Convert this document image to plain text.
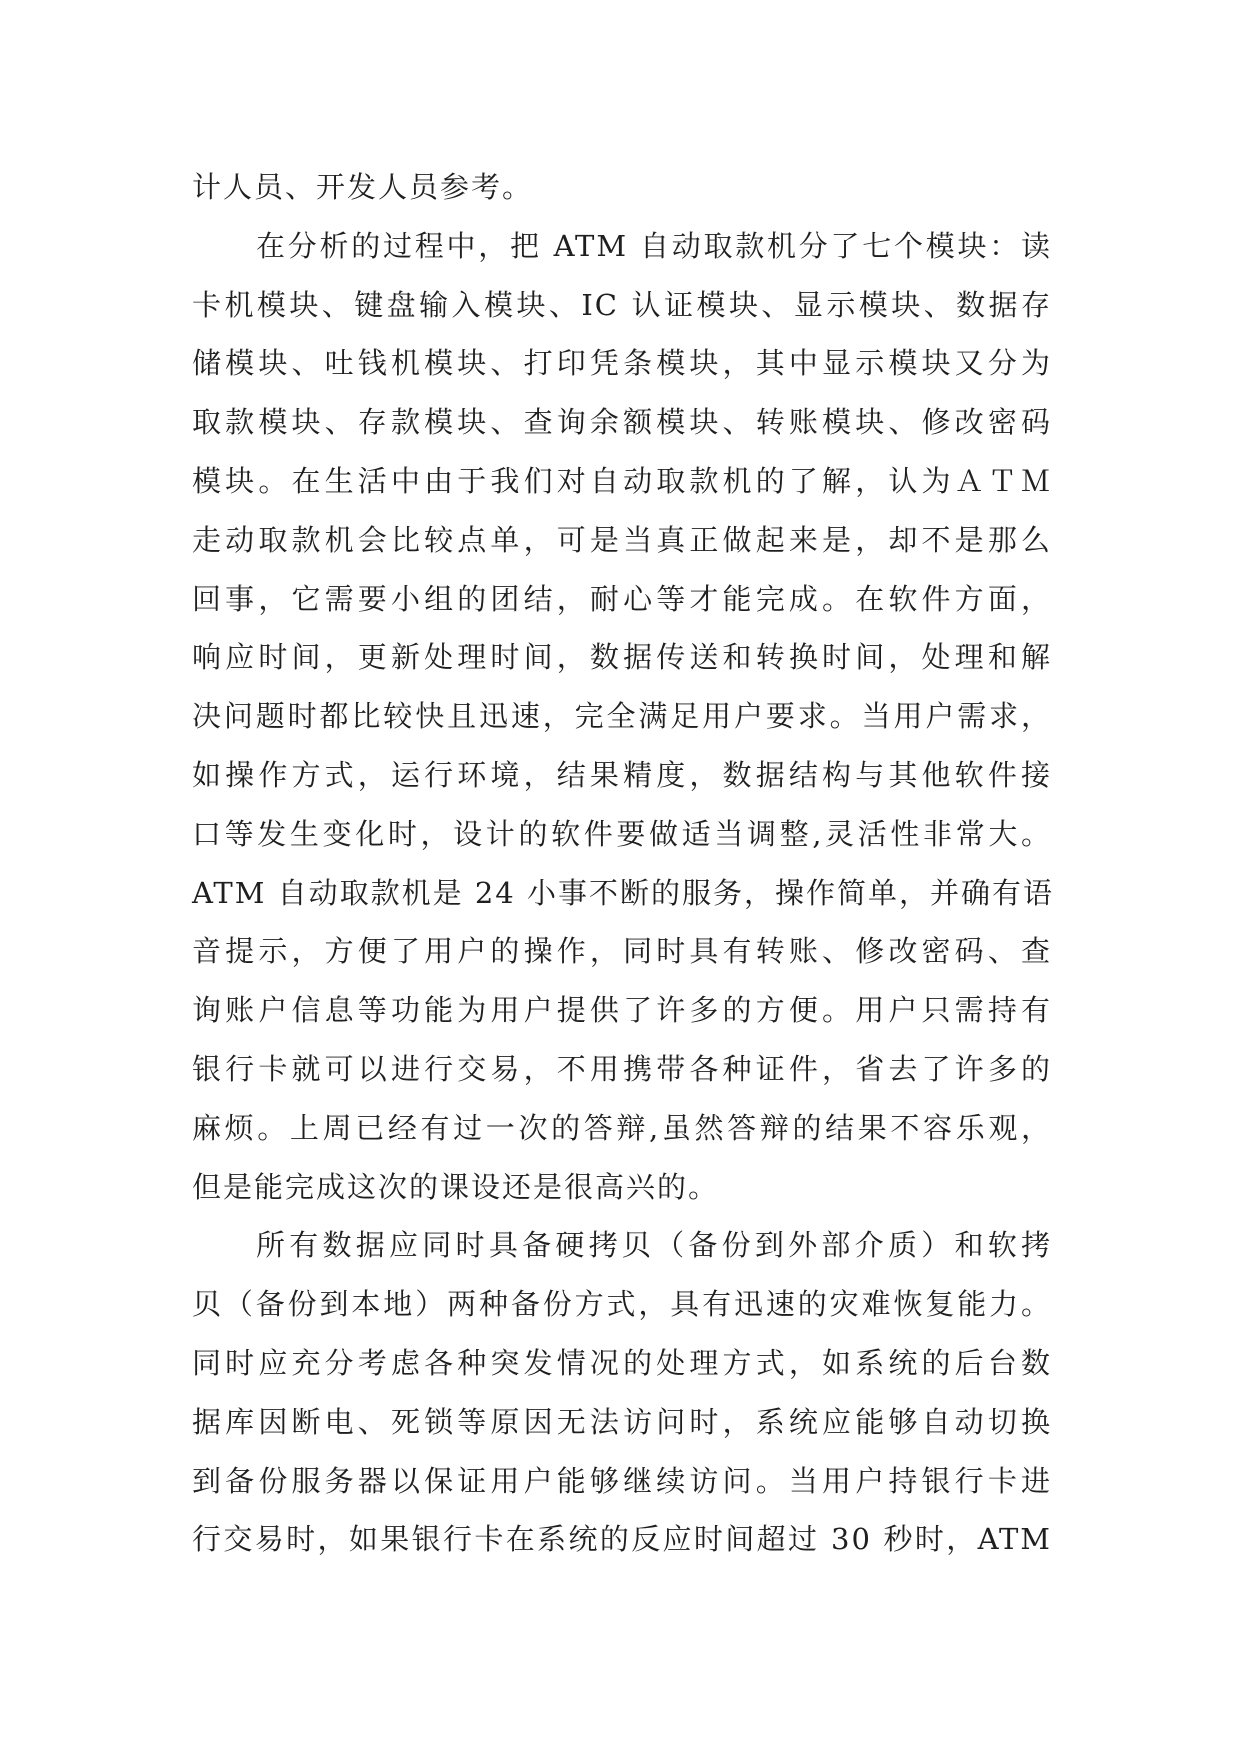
计人员、开发人员参考。
在分析的过程中，把 ATM 自动取款机分了七个模块：读
卡机模块、键盘输入模块、IC 认证模块、显示模块、数据存
储模块、吐钱机模块、打印凭条模块，其中显示模块又分为
取款模块、存款模块、查询余额模块、转账模块、修改密码
模块。在生活中由于我们对自动取款机的了解，认为ＡＴＭ
走动取款机会比较点单，可是当真正做起来是，却不是那么
回事，它需要小组的团结，耐心等才能完成。在软件方面，
响应时间，更新处理时间，数据传送和转换时间，处理和解
决问题时都比较快且迅速，完全满足用户要求。当用户需求，
如操作方式，运行环境，结果精度，数据结构与其他软件接
口等发生变化时，设计的软件要做适当调整,灵活性非常大。
ATM 自动取款机是 24 小事不断的服务，操作简单，并确有语
音提示，方便了用户的操作，同时具有转账、修改密码、查
询账户信息等功能为用户提供了许多的方便。用户只需持有
银行卡就可以进行交易，不用携带各种证件，省去了许多的
麻烦。上周已经有过一次的答辩,虽然答辩的结果不容乐观，
但是能完成这次的课设还是很高兴的。
所有数据应同时具备硬拷贝（备份到外部介质）和软拷
贝（备份到本地）两种备份方式，具有迅速的灾难恢复能力。
同时应充分考虑各种突发情况的处理方式，如系统的后台数
据库因断电、死锁等原因无法访问时，系统应能够自动切换
到备份服务器以保证用户能够继续访问。当用户持银行卡进
行交易时，如果银行卡在系统的反应时间超过 30 秒时，ATM
